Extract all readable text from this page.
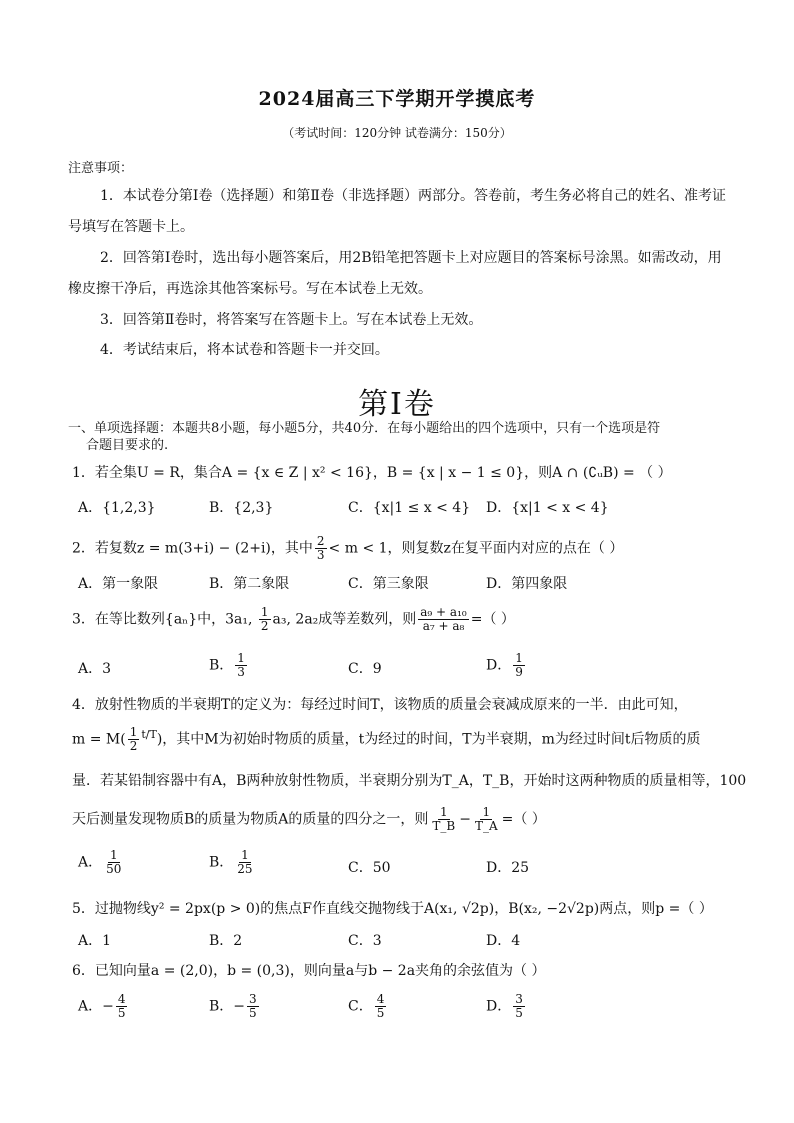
2024届高三下学期开学摸底考
（考试时间：120分钟 试卷满分：150分）
注意事项：
1．本试卷分第Ⅰ卷（选择题）和第Ⅱ卷（非选择题）两部分。答卷前，考生务必将自己的姓名、准考证号填写在答题卡上。
2．回答第Ⅰ卷时，选出每小题答案后，用2B铅笔把答题卡上对应题目的答案标号涂黑。如需改动，用橡皮擦干净后，再选涂其他答案标号。写在本试卷上无效。
3．回答第Ⅱ卷时，将答案写在答题卡上。写在本试卷上无效。
4．考试结束后，将本试卷和答题卡一并交回。
第Ⅰ卷
一、单项选择题：本题共8小题，每小题5分，共40分．在每小题给出的四个选项中，只有一个选项是符
合题目要求的.
1．若全集U = R，集合A = {x ∈ Z | x² < 16}，B = {x | x − 1 ≤ 0}，则A ∩ (∁ᵤB) = （ ）
A．{1,2,3}	B．{2,3}	C．{x|1 ≤ x < 4} D．{x|1 < x < 4}
2．若复数z = m(3+i) − (2+i)，其中 $\frac{2}{3} < m < 1$，则复数z在复平面内对应的点在（ ）
A．第一象限	B．第二象限	C．第三象限	D．第四象限
3．在等比数列{aₙ}中，3a₁, $\frac{1}{2} a_3$, 2a₂成等差数列，则 $\frac{\text{a₉ + a₁₀}}{\text{a₇ + a₈}}$ =（ ）
A．3	B． $\frac{1}{3}$	C．9	D． $\frac{1}{9}$
4．放射性物质的半衰期T的定义为：每经过时间T，该物质的质量会衰减成原来的一半．由此可知，
$m = M( \frac{1}{2} ^{t/T})$，其中M为初始时物质的质量，t为经过的时间，T为半衰期，m为经过时间t后物质的质
量．若某铅制容器中有A，B两种放射性物质，半衰期分别为T_A，T_B，开始时这两种物质的质量相等，100
天后测量发现物质B的质量为物质A的质量的四分之一，则 $\frac{1}{T\_B} - \frac{1}{T\_A}$ =（ ）
A． $\frac{1}{50}$	B． $\frac{1}{25}$	C．50	D．25
5．过抛物线y² = 2px(p > 0)的焦点F作直线交抛物线于A(x₁, √2p)，B(x₂, −2√2p)两点，则p =（ ）
A．1	B．2	C．3	D．4
6．已知向量a = (2,0)，b = (0,3)，则向量a与b − 2a夹角的余弦值为（ ）
A．− $\frac{4}{5}$	B．− $\frac{3}{5}$	C． $\frac{4}{5}$	D． $\frac{3}{5}$
